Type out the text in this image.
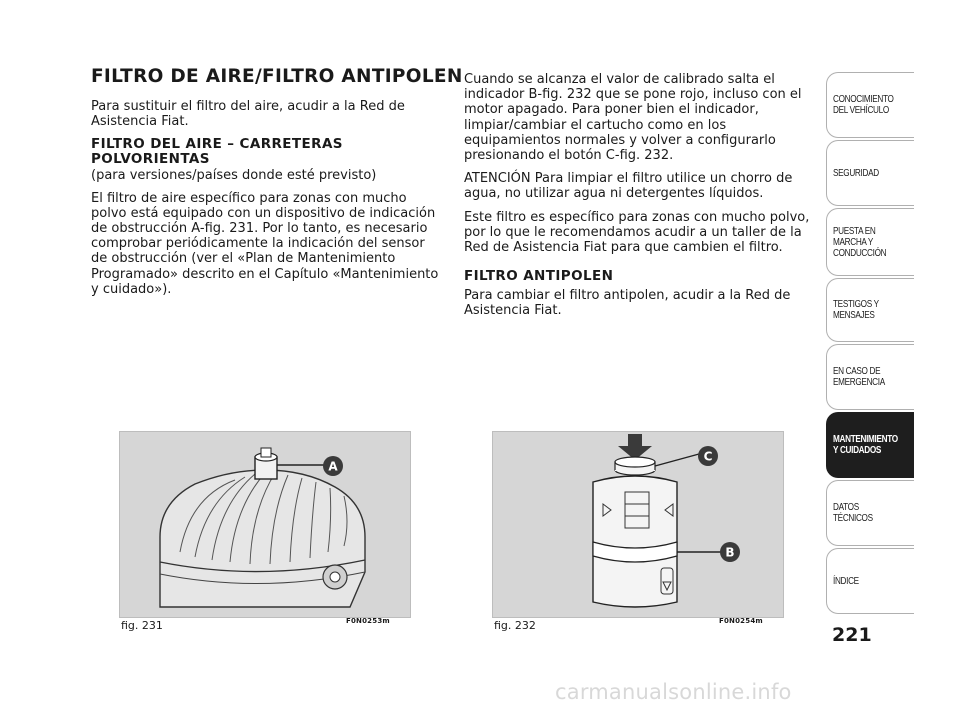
FILTRO DE AIRE/FILTRO ANTIPOLEN

Para sustituir el filtro del aire, acudir a la Red de Asistencia Fiat.

FILTRO DEL AIRE – CARRETERAS POLVORIENTAS

(para versiones/países donde esté previsto)

El filtro de aire específico para zonas con mucho polvo está equipado con un dispositivo de indicación de obstrucción A-fig. 231. Por lo tanto, es necesario comprobar periódicamente la indicación del sensor de obstrucción (ver el «Plan de Mantenimiento Programado» descrito en el Capítulo «Mantenimiento y cuidado»).

Cuando se alcanza el valor de calibrado salta el indicador B-fig. 232 que se pone rojo, incluso con el motor apagado. Para poner bien el indicador, limpiar/cambiar el cartucho como en los equipamientos normales y volver a configurarlo presionando el botón C-fig. 232.

ATENCIÓN Para limpiar el filtro utilice un chorro de agua, no utilizar agua ni detergentes líquidos.

Este filtro es específico para zonas con mucho polvo, por lo que le recomendamos acudir a un taller de la Red de Asistencia Fiat para que cambien el filtro.

FILTRO ANTIPOLEN

Para cambiar el filtro antipolen, acudir a la Red de Asistencia Fiat.

A
fig. 231	F0N0253m
C
B
fig. 232	F0N0254m
CONOCIMIENTO DEL VEHÍCULO
SEGURIDAD
PUESTA EN MARCHA Y CONDUCCIÓN
TESTIGOS Y MENSAJES
EN CASO DE EMERGENCIA
MANTENIMIENTO Y CUIDADOS
DATOS TÉCNICOS
ÍNDICE
221
carmanualsonline.info
